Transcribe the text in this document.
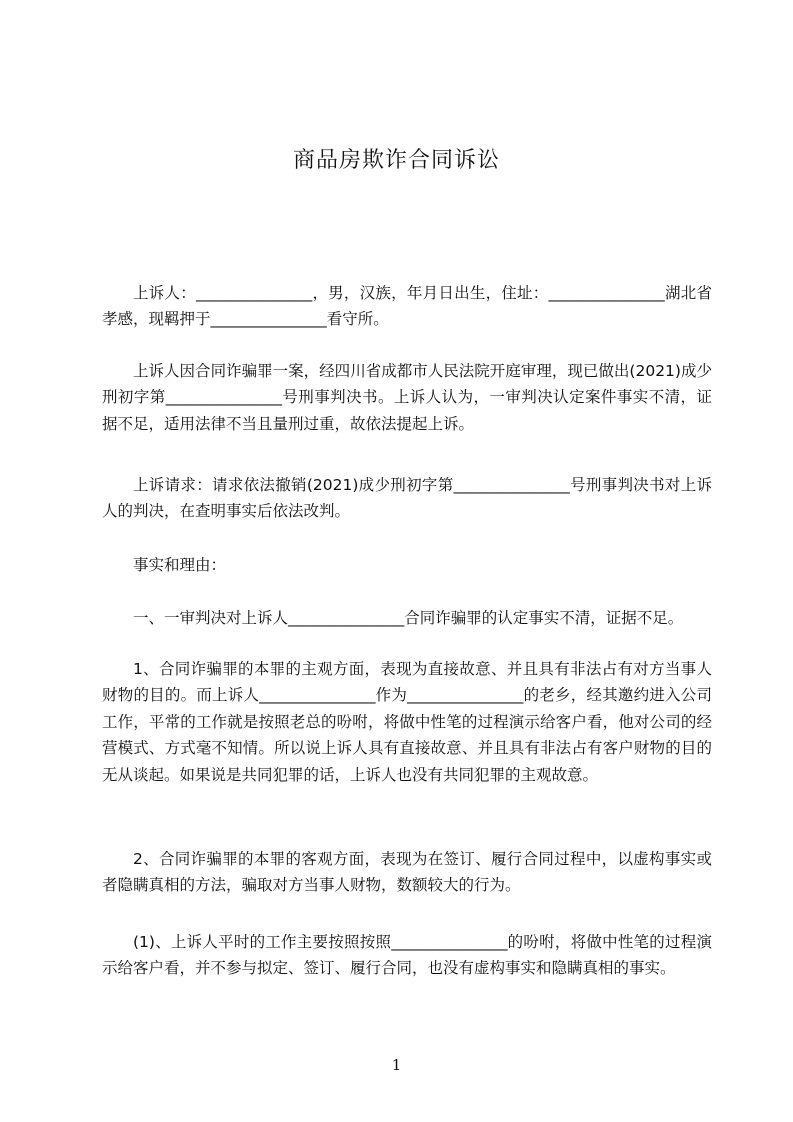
商品房欺诈合同诉讼

上诉人：_______________，男，汉族，年月日出生，住址：_______________湖北省孝感，现羁押于_______________看守所。

上诉人因合同诈骗罪一案，经四川省成都市人民法院开庭审理，现已做出(2021)成少刑初字第_______________号刑事判决书。上诉人认为，一审判决认定案件事实不清，证据不足，适用法律不当且量刑过重，故依法提起上诉。

上诉请求：请求依法撤销(2021)成少刑初字第_______________号刑事判决书对上诉人的判决，在查明事实后依法改判。

事实和理由：

一、一审判决对上诉人_______________合同诈骗罪的认定事实不清，证据不足。

1、合同诈骗罪的本罪的主观方面，表现为直接故意、并且具有非法占有对方当事人财物的目的。而上诉人_______________作为_______________的老乡，经其邀约进入公司工作，平常的工作就是按照老总的吩咐，将做中性笔的过程演示给客户看，他对公司的经营模式、方式毫不知情。所以说上诉人具有直接故意、并且具有非法占有客户财物的目的无从谈起。如果说是共同犯罪的话，上诉人也没有共同犯罪的主观故意。

2、合同诈骗罪的本罪的客观方面，表现为在签订、履行合同过程中，以虚构事实或者隐瞒真相的方法，骗取对方当事人财物，数额较大的行为。

(1)、上诉人平时的工作主要按照按照_______________的吩咐，将做中性笔的过程演示给客户看，并不参与拟定、签订、履行合同，也没有虚构事实和隐瞒真相的事实。

1
